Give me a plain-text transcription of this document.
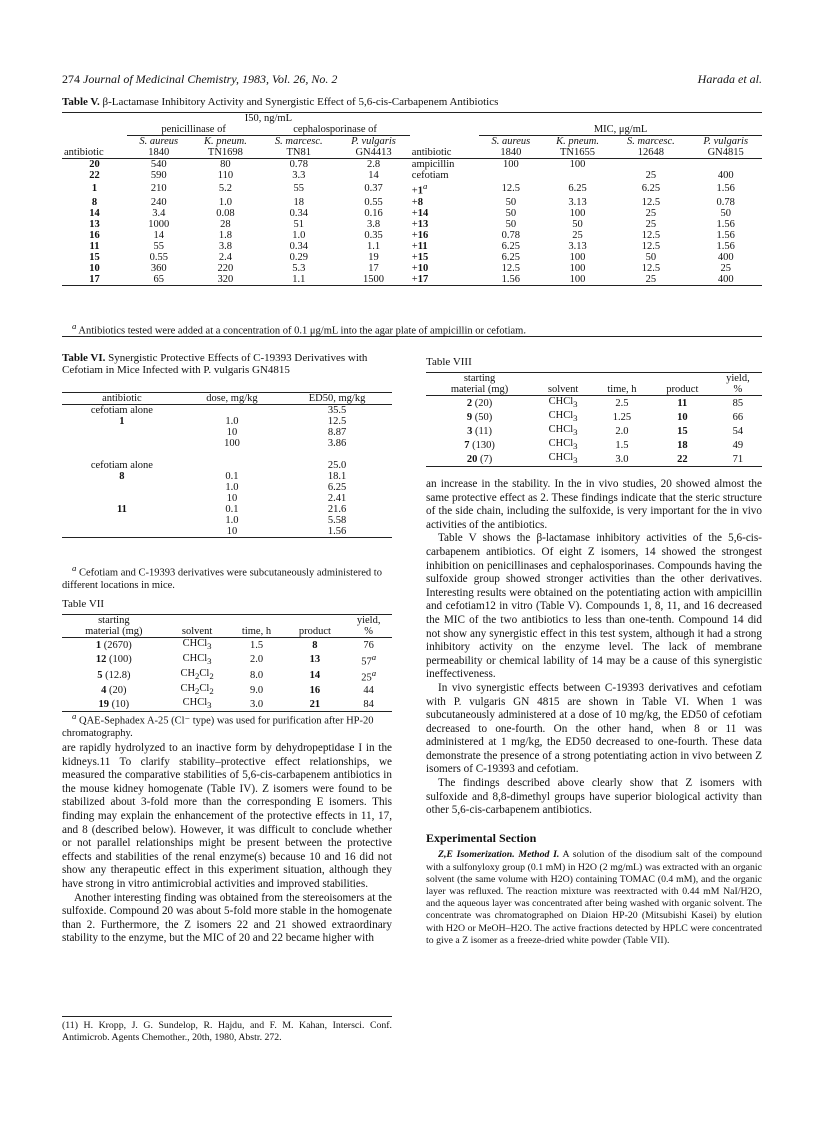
274 Journal of Medicinal Chemistry, 1983, Vol. 26, No. 2	Harada et al.
Table V. β-Lactamase Inhibitory Activity and Synergistic Effect of 5,6-cis-Carbapenem Antibiotics
	I50, ng/mL								
	penicillinase of		cephalosporinase of			MIC, μg/mL			
	S. aureus	K. pneum.	S. marcesc.	P. vulgaris		S. aureus	K. pneum.	S. marcesc.	P. vulgaris
antibiotic	1840	TN1698	TN81	GN4413	antibiotic	1840	TN1655	12648	GN4815
20	540	80	0.78	2.8	ampicillin	100	100		
22	590	110	3.3	14	cefotiam			25	400
1	210	5.2	55	0.37	$+1^a$	12.5	6.25	6.25	1.56
8	240	1.0	18	0.55	+8	50	3.13	12.5	0.78
14	3.4	0.08	0.34	0.16	+14	50	100	25	50
13	1000	28	51	3.8	+13	50	50	25	1.56
16	14	1.8	1.0	0.35	+16	0.78	25	12.5	1.56
11	55	3.8	0.34	1.1	+11	6.25	3.13	12.5	1.56
15	0.55	2.4	0.29	19	+15	6.25	100	50	400
10	360	220	5.3	17	+10	12.5	100	12.5	25
17	65	320	1.1	1500	+17	1.56	100	25	400
$^a$ Antibiotics tested were added at a concentration of 0.1 μg/mL into the agar plate of ampicillin or cefotiam.
Table VI. Synergistic Protective Effects of C-19393 Derivatives with Cefotiam in Mice Infected with P. vulgaris GN4815
antibiotic	dose, mg/kg	ED50, mg/kg
cefotiam alone		35.5
1	1.0	12.5
	10	8.87
	100	3.86

cefotiam alone		25.0
8	0.1	18.1
	1.0	6.25
	10	2.41
11	0.1	21.6
	1.0	5.58
	10	1.56
$^a$ Cefotiam and C-19393 derivatives were subcutaneously administered to different locations in mice.
Table VII
starting				yield,
material (mg)	solvent	time, h	product	%
1 (2670)	CHCl$_3$	1.5	8	76
12 (100)	CHCl$_3$	2.0	13	57$^a$
5 (12.8)	$CH_2Cl_2$	8.0	14	25$^a$
4 (20)	$CH_2Cl_2$	9.0	16	44
19 (10)	CHCl$_3$	3.0	21	84
$^a$ QAE-Sephadex A-25 (Cl⁻ type) was used for purification after HP-20 chromatography.

are rapidly hydrolyzed to an inactive form by dehydropeptidase I in the kidneys.11 To clarify stability–protective effect relationships, we measured the comparative stabilities of 5,6-cis-carbapenem antibiotics in the mouse kidney homogenate (Table IV). Z isomers were found to be stabilized about 3-fold more than the corresponding E isomers. This finding may explain the enhancement of the protective effects in 11, 17, and 8 (described below). However, it was difficult to conclude whether or not parallel relationships might be present between the protective effects and stabilities of the renal enzyme(s) because 10 and 16 did not show any therapeutic effect in this experiment situation, although they have strong in vitro antimicrobial activities and improved stabilities.

Another interesting finding was obtained from the stereoisomers at the sulfoxide. Compound 20 was about 5-fold more stable in the homogenate than 2. Furthermore, the Z isomers 22 and 21 showed extraordinary stability to the enzyme, but the MIC of 20 and 22 became higher with

(11) H. Kropp, J. G. Sundelop, R. Hajdu, and F. M. Kahan, Intersci. Conf. Antimicrob. Agents Chemother., 20th, 1980, Abstr. 272.
Table VIII
starting				yield,
material (mg)	solvent	time, h	product	%
2 (20)	CHCl$_3$	2.5	11	85
9 (50)	CHCl$_3$	1.25	10	66
3 (11)	CHCl$_3$	2.0	15	54
7 (130)	CHCl$_3$	1.5	18	49
20 (7)	CHCl$_3$	3.0	22	71

an increase in the stability. In the in vivo studies, 20 showed almost the same protective effect as 2. These findings indicate that the steric structure of the side chain, including the sulfoxide, is very important for the in vivo activities of the antibiotics.

Table V shows the β-lactamase inhibitory activities of the 5,6-cis-carbapenem antibiotics. Of eight Z isomers, 14 showed the strongest inhibition on penicillinases and cephalosporinases. Compounds having the sulfoxide group showed stronger activities than the other derivatives. Interesting results were obtained on the potentiating action with ampicillin and cefotiam12 in vitro (Table V). Compounds 1, 8, 11, and 16 decreased the MIC of the two antibiotics to less than one-tenth. Compound 14 did not show any synergistic effect in this test system, although it had a strong inhibitory activity on the enzyme level. The lack of membrane permeability or chemical lability of 14 may be a cause of this synergistic ineffectiveness.

In vivo synergistic effects between C-19393 derivatives and cefotiam with P. vulgaris GN 4815 are shown in Table VI. When 1 was subcutaneously administered at a dose of 10 mg/kg, the ED50 of cefotiam decreased to one-fourth. On the other hand, when 8 or 11 was administered at 1 mg/kg, the ED50 decreased to one-fourth. These data demonstrate the presence of a strong potentiating action in vivo between Z isomers of C-19393 and cefotiam.

The findings described above clearly show that Z isomers with sulfoxide and 8,8-dimethyl groups have superior biological activity than other 5,6-cis-carbapenem antibiotics.

Experimental Section
Z,E Isomerization. Method I. A solution of the disodium salt of the compound with a sulfonyloxy group (0.1 mM) in H2O (2 mg/mL) was extracted with an organic solvent (the same volume with H2O) containing TOMAC (0.4 mM), and the organic layer was refluxed. The reaction mixture was reextracted with 0.44 mM NaI/H2O, and the aqueous layer was concentrated after being washed with organic solvent. The concentrate was chromatographed on Diaion HP-20 (Mitsubishi Kasei) by elution with H2O or MeOH–H2O. The active fractions detected by HPLC were concentrated to give a Z isomer as a freeze-dried white powder (Table VII).
